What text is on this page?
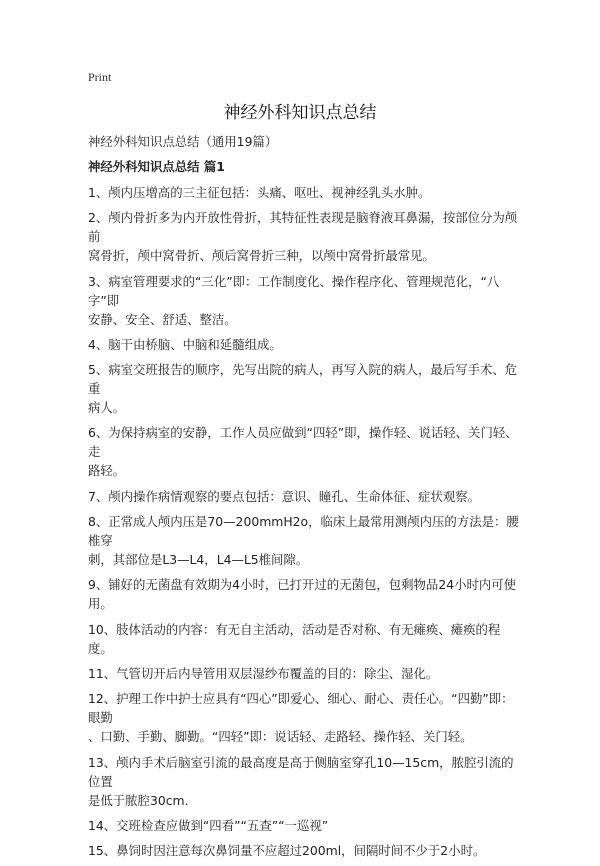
Print
神经外科知识点总结

神经外科知识点总结（通用19篇）

神经外科知识点总结 篇1

1、颅内压增高的三主征包括：头痛、呕吐、视神经乳头水肿。

2、颅内骨折多为内开放性骨折，其特征性表现是脑脊液耳鼻漏，按部位分为颅前
窝骨折，颅中窝骨折、颅后窝骨折三种，以颅中窝骨折最常见。

3、病室管理要求的“三化”即：工作制度化、操作程序化、管理规范化，“八字”即
安静、安全、舒适、整洁。

4、脑干由桥脑、中脑和延髓组成。

5、病室交班报告的顺序，先写出院的病人，再写入院的病人，最后写手术、危重
病人。

6、为保持病室的安静，工作人员应做到“四轻”即，操作轻、说话轻、关门轻、走
路轻。

7、颅内操作病情观察的要点包括：意识、瞳孔、生命体征、症状观察。

8、正常成人颅内压是70—200mmH2o，临床上最常用测颅内压的方法是：腰椎穿
刺，其部位是L3—L4，L4—L5椎间隙。

9、铺好的无菌盘有效期为4小时，已打开过的无菌包，包剩物品24小时内可使用。

10、肢体活动的内容：有无自主活动，活动是否对称、有无瘫痪、瘫痪的程度。

11、气管切开后内导管用双层湿纱布覆盖的目的：除尘、湿化。

12、护理工作中护士应具有“四心”即爱心、细心、耐心、责任心。“四勤”即：眼勤
、口勤、手勤、脚勤。“四轻”即：说话轻、走路轻、操作轻、关门轻。

13、颅内手术后脑室引流的最高度是高于侧脑室穿孔10—15cm，脓腔引流的位置
是低于脓腔30cm.

14、交班检查应做到“四看”“五查”“一巡视”

15、鼻饲时因注意每次鼻饲量不应超过200ml，间隔时间不少于2小时。
